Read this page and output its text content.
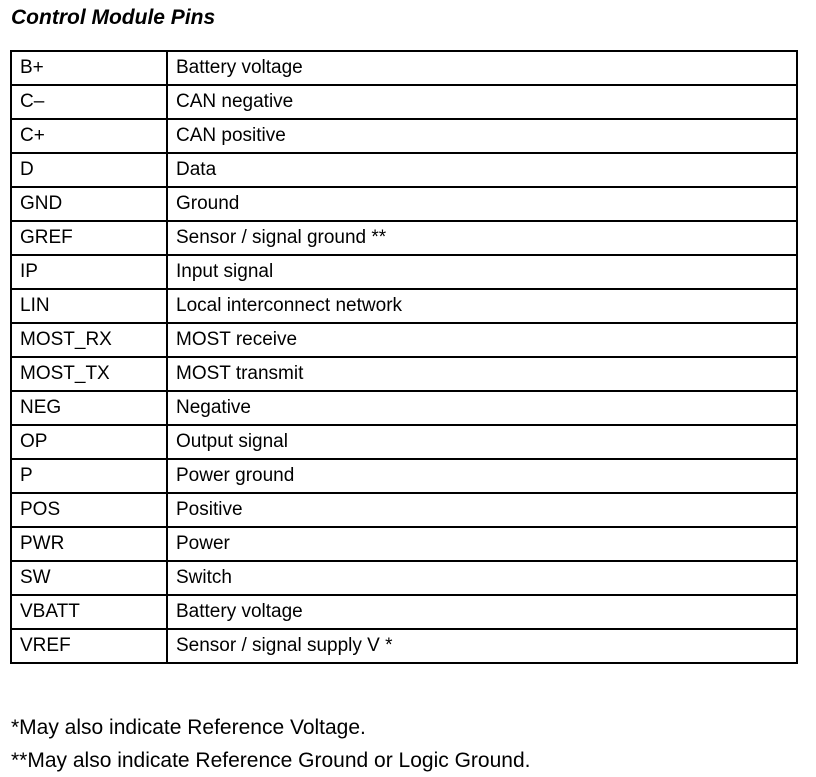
Control Module Pins
B+	Battery voltage
C–	CAN negative
C+	CAN positive
D	Data
GND	Ground
GREF	Sensor / signal ground **
IP	Input signal
LIN	Local interconnect network
MOST_RX	MOST receive
MOST_TX	MOST transmit
NEG	Negative
OP	Output signal
P	Power ground
POS	Positive
PWR	Power
SW	Switch
VBATT	Battery voltage
VREF	Sensor / signal supply V *
*May also indicate Reference Voltage.
**May also indicate Reference Ground or Logic Ground.
